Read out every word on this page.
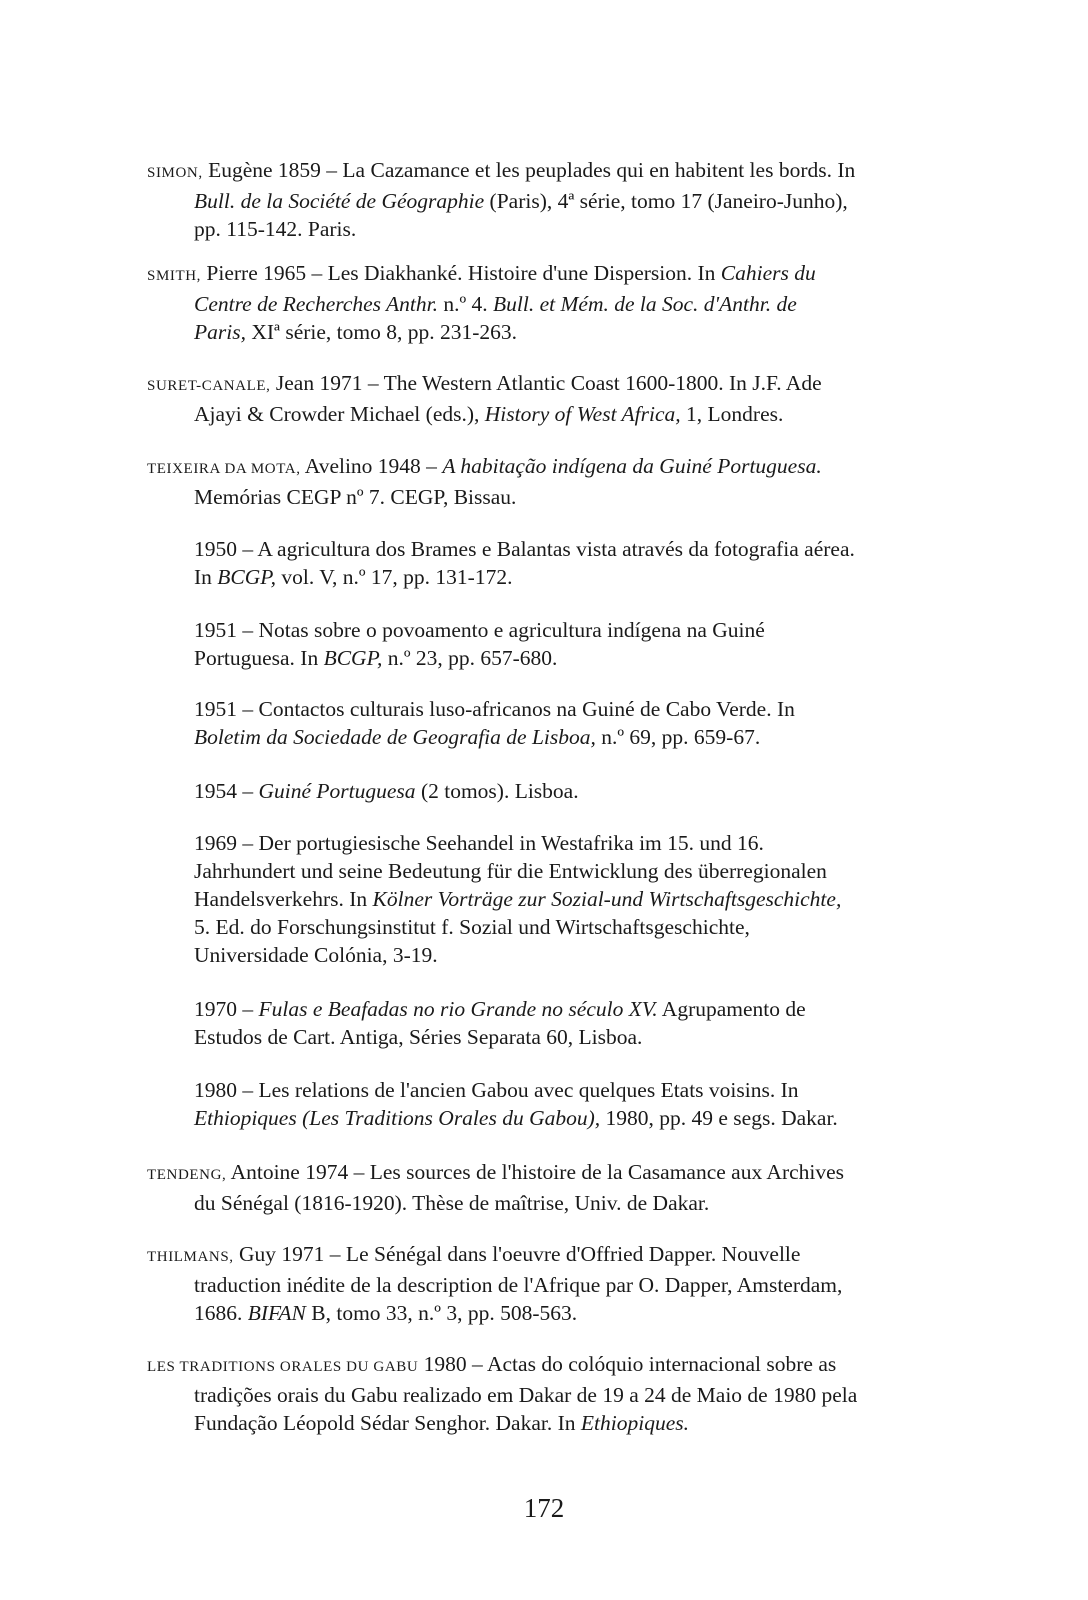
SIMON, Eugène 1859 – La Cazamance et les peuplades qui en habitent les bords. In
Bull. de la Société de Géographie (Paris), 4ª série, tomo 17 (Janeiro-Junho),
pp. 115-142. Paris.
SMITH, Pierre 1965 – Les Diakhanké. Histoire d'une Dispersion. In Cahiers du
Centre de Recherches Anthr. n.º 4. Bull. et Mém. de la Soc. d'Anthr. de
Paris, XIª série, tomo 8, pp. 231-263.
SURET-CANALE, Jean 1971 – The Western Atlantic Coast 1600-1800. In J.F. Ade
Ajayi & Crowder Michael (eds.), History of West Africa, 1, Londres.
TEIXEIRA DA MOTA, Avelino 1948 – A habitação indígena da Guiné Portuguesa.
Memórias CEGP nº 7. CEGP, Bissau.
1950 – A agricultura dos Brames e Balantas vista através da fotografia aérea.
In BCGP, vol. V, n.º 17, pp. 131-172.
1951 – Notas sobre o povoamento e agricultura indígena na Guiné
Portuguesa. In BCGP, n.º 23, pp. 657-680.
1951 – Contactos culturais luso-africanos na Guiné de Cabo Verde. In
Boletim da Sociedade de Geografia de Lisboa, n.º 69, pp. 659-67.
1954 – Guiné Portuguesa (2 tomos). Lisboa.
1969 – Der portugiesische Seehandel in Westafrika im 15. und 16.
Jahrhundert und seine Bedeutung für die Entwicklung des überregionalen
Handelsverkehrs. In Kölner Vorträge zur Sozial-und Wirtschaftsgeschichte,
5. Ed. do Forschungsinstitut f. Sozial und Wirtschaftsgeschichte,
Universidade Colónia, 3-19.
1970 – Fulas e Beafadas no rio Grande no século XV. Agrupamento de
Estudos de Cart. Antiga, Séries Separata 60, Lisboa.
1980 – Les relations de l'ancien Gabou avec quelques Etats voisins. In
Ethiopiques (Les Traditions Orales du Gabou), 1980, pp. 49 e segs. Dakar.
TENDENG, Antoine 1974 – Les sources de l'histoire de la Casamance aux Archives
du Sénégal (1816-1920). Thèse de maîtrise, Univ. de Dakar.
THILMANS, Guy 1971 – Le Sénégal dans l'oeuvre d'Offried Dapper. Nouvelle
traduction inédite de la description de l'Afrique par O. Dapper, Amsterdam,
1686. BIFAN B, tomo 33, n.º 3, pp. 508-563.
LES TRADITIONS ORALES DU GABU 1980 – Actas do colóquio internacional sobre as
tradições orais du Gabu realizado em Dakar de 19 a 24 de Maio de 1980 pela
Fundação Léopold Sédar Senghor. Dakar. In Ethiopiques.
172
